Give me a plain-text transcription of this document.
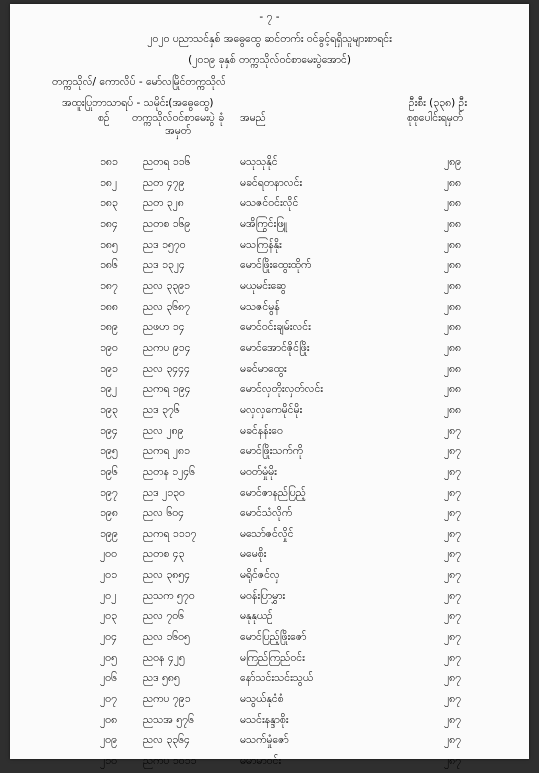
- ၇ -
၂၀၂၀ ပညာသင်နှစ် အဓွေထွေ ဆင်တက်း ဝင်ခွင့်ရရှိသူများစာရင်း
(၂၀၁၉ ခုနှစ် တက္ကသိုလ်ဝင်စာမေးပွဲအောင်)
တက္ကသိုလ်/ ကောလိပ် - မော်လမြိုင်တက္ကသိုလ်
အထူးပြုဘာသာရပ် - သမိုင်း(အဓွေထွေ)	ဦးစီး (၃၃၈) ဦး
စဉ်	တက္ကသိုလ်ဝင်စာမေးပွဲ ခုံအမှတ်
အမည်	စုစုပေါင်းရမှတ်
၁၈၁ ညတရ ၁၁၆	မသုသုနိုင်	၂၈၉
၁၈၂ ညတ ၄၇၉	မခင်ရတနာလင်း	၂၈၈
၁၈၃ ညတ ၃၂၈	မသဇင်ဝင်းလိုင်	၂၈၈
၁၈၄ ညတစ ၁၆၉	မအိကြွင်းဖြူ	၂၈၈
၁၈၅ ညဒ ၁၅၇၀	မသကြန်နိုး	၂၈၈
၁၈၆ ညဒ ၁၃၂၄	မောင်ဖြိုးထွေးထိုက်	၂၈၈
၁၈၇ ညလ ၃၃၉၁	မယုမင်းဆွေ	၂၈၈
၁၈၈ ညလ ၃၆၈၇	မသဇင်မွန်	၂၈၈
၁၈၉ ညဖဟ ၁၄	မောင်ဝင်းချမ်းလင်း	၂၈၈
၁၉၀ ညကပ ၉၁၄	မောင်အောင်ဇိုင်ဖြိုး	၂၈၈
၁၉၁ ညလ ၃၄၄၄	မခင်မာထွေး	၂၈၈
၁၉၂ ညကရ ၁၉၄	မောင်လှတိုးလှတ်လင်း	၂၈၈
၁၉၃ ညဒ ၃၇၆	မလှလှကေမိုင်မိုး	၂၈၈
၁၉၄ ညလ ၂၈၉	မခင်နန်းဝေ	၂၈၇
၁၉၅ ညကရ ၂၈၁	မောင်ဖြိုးသက်ကို	၂၈၇
၁၉၆ ညတန ၁၂၄၆	မဝတ်မှုံမိုး	၂၈၇
၁၉၇ ညဒ ၂၁၃၀	မောင်ဇာနည်ပြည့်	၂၈၇
၁၉၈ ညလ ၆၀၄	မောင်သံလိုက်	၂၈၇
၁၉၉ ညကရ ၁၁၁၇	မသော်ဇင်လှိုင်	၂၈၇
၂၀၀ ညတစ ၄၃	မမေစိုး	၂၈၇
၂၀၁ ညလ ၃၈၅၄	မရိုင်ဇင်လှ	၂၈၇
၂၀၂	ညသက ၅၇၀	မဝန်းပြာမွှား	၂၈၇
၂၀၃ ညလ ၇၀၆	မနုနုယဉ်	၂၈၇
၂၀၄ ညလ ၁၆၀၅	မောင်ပြည့်ဖြိုးဇော်	၂၈၇
၂၀၅ ညဝန ၄၂၅	မကြည်ကြည်ဝင်း	၂၈၇
၂၀၆ ညဒ ၅၈၅	နော်သင်းသင်းသွယ်	၂၈၇
၂၀၇ ညကပ ၇၉၁	မသွယ်နုငံစံ	၂၈၇
၂၀၈ ညသအ ၅၇၆	မသင်းနန္ဒာစိုး	၂၈၇
၂၀၉ ညလ ၃၃၆၄	မသက်မှုံဇော်	၂၈၇
၂၁၀ ညကပ ၁၀၁၁	မမာမာဝင်း	၂၈၇
